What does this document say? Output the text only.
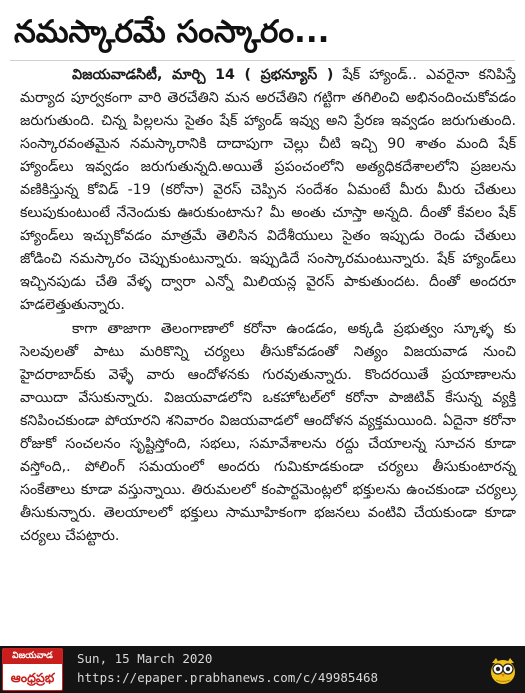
నమస్కారమే సంస్కారం...

విజయవాడసిటీ, మార్చి 14 ( ప్రభన్యూస్ ) షేక్ హ్యాండ్.. ఎవరైనా కనిపిస్తే మర్యాద పూర్వకంగా వారి తెరచేతిని మన అరచేతిని గట్టిగా తగిలించి అభినందించుకోవడం జరుగుతుంది. చిన్న పిల్లలను సైతం షేక్ హ్యాండ్ ఇవ్వు అని ప్రేరణ ఇవ్వడం జరుగుతుంది. సంస్కారవంతమైన నమస్కారానికి దాదాపుగా చెల్లు చీటి ఇచ్చి 90 శాతం మంది షేక్ హ్యాండ్‌లు ఇవ్వడం జరుగుతున్నది.అయితే ప్రపంచంలోని అత్యధికదేశాలలోని ప్రజలను వణికిస్తున్న కోవిడ్ -19 (కరోనా) వైరస్ చెప్పిన సందేశం ఏమంటే మీరు మీరు చేతులు కలుపుకుంటుంటే నేనెందుకు ఊరుకుంటాను? మీ అంతు చూస్తా అన్నది. దీంతో కేవలం షేక్ హ్యాండ్‌లు ఇచ్చుకోవడం మాత్రమే తెలిసిన విదేశీయులు సైతం ఇప్పుడు రెండు చేతులు జోడించి నమస్కారం చెప్పుకుంటున్నారు. ఇప్పుడిదే సంస్కారమంటున్నారు. షేక్ హ్యాండ్‌లు ఇచ్చినపుడు చేతి వేళ్ళ ద్వారా ఎన్నో మిలియన్ల వైరస్ పాకుతుందట. దీంతో అందరూ హడలెత్తుతున్నారు.

కాగా తాజాగా తెలంగాణాలో కరోనా ఉండడం, అక్కడి ప్రభుత్వం స్కూళ్ళ కు సెలవులతో పాటు మరికొన్ని చర్యలు తీసుకోవడంతో నిత్యం విజయవాడ నుంచి హైదరాబాద్‌కు వెళ్ళే వారు ఆందోళనకు గురవుతున్నారు. కొందరయితే ప్రయాణాలను వాయిదా వేసుకున్నారు. విజయవాడలోని ఒకహోటల్‌లో కరోనా పాజిటివ్ కేసున్న వ్యక్తి కనిపించకుండా పోయారని శనివారం విజయవాడలో ఆందోళన వ్యక్తమయింది. ఏదైనా కరోనా రోజుకో సంచలనం సృష్టిస్తోంది, సభలు, సమావేశాలను రద్దు చేయాలన్న సూచన కూడా వస్తోంది,. పోలింగ్ సమయంలో అందరు గుమికూడకుండా చర్యలు తీసుకుంటారన్న సంకేతాలు కూడా వస్తున్నాయి. తిరుమలలో కంపార్టమెంట్లలో భక్తులను ఉంచకుండా చర్యలు తీసుకున్నారు. తెలయాలలో భక్తులు సామూహికంగా భజనలు వంటివి చేయకుండా కూడా చర్యలు చేపట్టారు.

✓
విజయవాడ
ఆంధ్రప్రభ
Sun, 15 March 2020
https://epaper.prabhanews.com/c/49985468
